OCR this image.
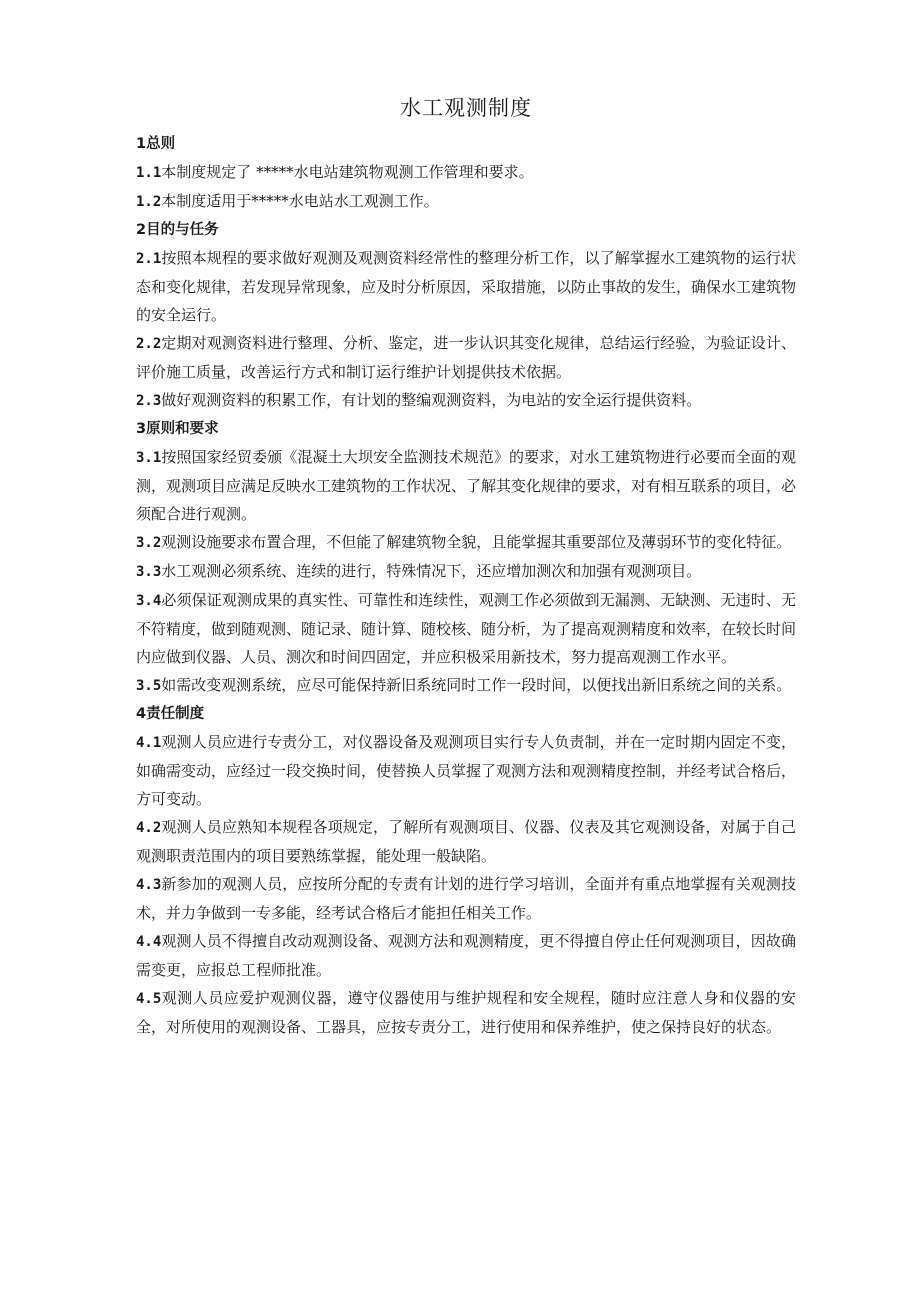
水工观测制度
1总则

1.1本制度规定了 *****水电站建筑物观测工作管理和要求。

1.2本制度适用于*****水电站水工观测工作。

2目的与任务

2.1按照本规程的要求做好观测及观测资料经常性的整理分析工作，以了解掌握水工建筑物的运行状态和变化规律，若发现异常现象，应及时分析原因，采取措施，以防止事故的发生，确保水工建筑物的安全运行。

2.2定期对观测资料进行整理、分析、鉴定，进一步认识其变化规律，总结运行经验，为验证设计、评价施工质量，改善运行方式和制订运行维护计划提供技术依据。

2.3做好观测资料的积累工作，有计划的整编观测资料，为电站的安全运行提供资料。

3原则和要求

3.1按照国家经贸委颁《混凝土大坝安全监测技术规范》的要求，对水工建筑物进行必要而全面的观测，观测项目应满足反映水工建筑物的工作状况、了解其变化规律的要求，对有相互联系的项目，必须配合进行观测。

3.2观测设施要求布置合理，不但能了解建筑物全貌，且能掌握其重要部位及薄弱环节的变化特征。

3.3水工观测必须系统、连续的进行，特殊情况下，还应增加测次和加强有观测项目。

3.4必须保证观测成果的真实性、可靠性和连续性，观测工作必须做到无漏测、无缺测、无违时、无不符精度，做到随观测、随记录、随计算、随校核、随分析，为了提高观测精度和效率，在较长时间内应做到仪器、人员、测次和时间四固定，并应积极采用新技术，努力提高观测工作水平。

3.5如需改变观测系统，应尽可能保持新旧系统同时工作一段时间，以便找出新旧系统之间的关系。

4责任制度

4.1观测人员应进行专责分工，对仪器设备及观测项目实行专人负责制，并在一定时期内固定不变，如确需变动，应经过一段交换时间，使替换人员掌握了观测方法和观测精度控制，并经考试合格后，方可变动。

4.2观测人员应熟知本规程各项规定，了解所有观测项目、仪器、仪表及其它观测设备，对属于自己观测职责范围内的项目要熟练掌握，能处理一般缺陷。

4.3新参加的观测人员，应按所分配的专责有计划的进行学习培训，全面并有重点地掌握有关观测技术，并力争做到一专多能，经考试合格后才能担任相关工作。

4.4观测人员不得擅自改动观测设备、观测方法和观测精度，更不得擅自停止任何观测项目，因故确需变更，应报总工程师批准。

4.5观测人员应爱护观测仪器，遵守仪器使用与维护规程和安全规程，随时应注意人身和仪器的安全，对所使用的观测设备、工器具，应按专责分工，进行使用和保养维护，使之保持良好的状态。
